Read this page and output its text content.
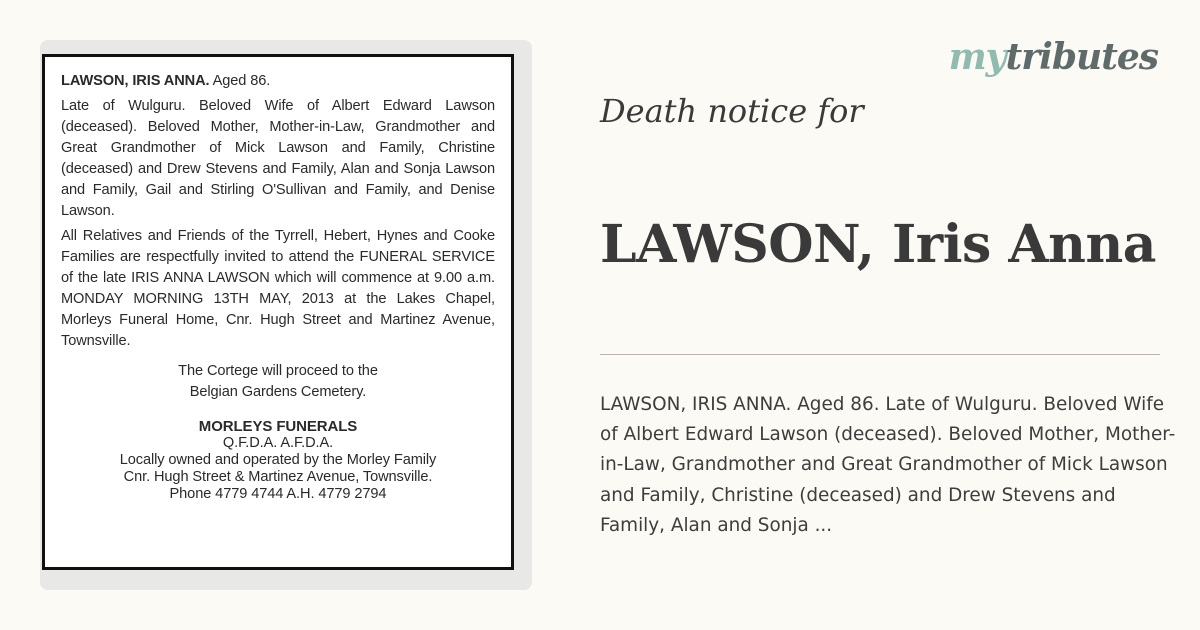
LAWSON, IRIS ANNA. Aged 86.

Late of Wulguru. Beloved Wife of Albert Edward Lawson (deceased). Beloved Mother, Mother-in-Law, Grandmother and Great Grandmother of Mick Lawson and Family, Christine (deceased) and Drew Stevens and Family, Alan and Sonja Lawson and Family, Gail and Stirling O'Sullivan and Family, and Denise Lawson.

All Relatives and Friends of the Tyrrell, Hebert, Hynes and Cooke Families are respectfully invited to attend the FUNERAL SERVICE of the late IRIS ANNA LAWSON which will commence at 9.00 a.m. MONDAY MORNING 13TH MAY, 2013 at the Lakes Chapel, Morleys Funeral Home, Cnr. Hugh Street and Martinez Avenue, Townsville.

The Cortege will proceed to the
Belgian Gardens Cemetery.
MORLEYS FUNERALS
Q.F.D.A. A.F.D.A.
Locally owned and operated by the Morley Family
Cnr. Hugh Street & Martinez Avenue, Townsville.
Phone 4779 4744 A.H. 4779 2794
mytributes
Death notice for
LAWSON, Iris Anna

LAWSON, IRIS ANNA. Aged 86. Late of Wulguru. Beloved Wife of Albert Edward Lawson (deceased). Beloved Mother, Mother-in-Law, Grandmother and Great Grandmother of Mick Lawson and Family, Christine (deceased) and Drew Stevens and Family, Alan and Sonja ...
